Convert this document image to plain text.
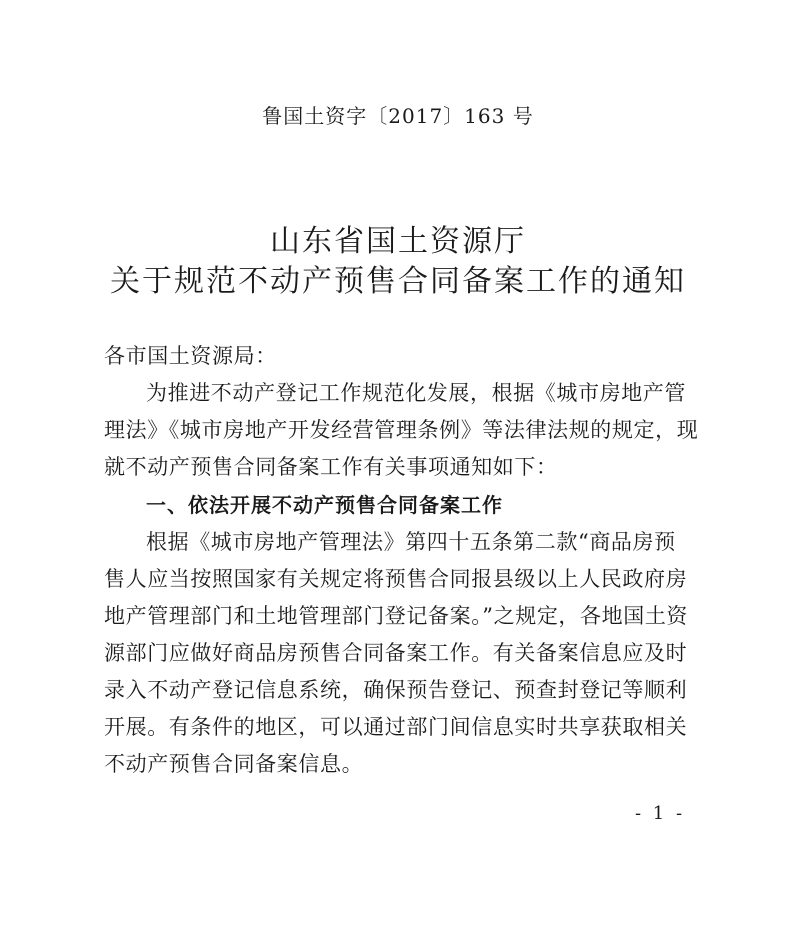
鲁国土资字〔2017〕163 号
山东省国土资源厅
关于规范不动产预售合同备案工作的通知
各市国土资源局：
为推进不动产登记工作规范化发展，根据《城市房地产管
理法》《城市房地产开发经营管理条例》等法律法规的规定，现
就不动产预售合同备案工作有关事项通知如下：
一、依法开展不动产预售合同备案工作
根据《城市房地产管理法》第四十五条第二款“商品房预
售人应当按照国家有关规定将预售合同报县级以上人民政府房
地产管理部门和土地管理部门登记备案。”之规定，各地国土资
源部门应做好商品房预售合同备案工作。有关备案信息应及时
录入不动产登记信息系统，确保预告登记、预查封登记等顺利
开展。有条件的地区，可以通过部门间信息实时共享获取相关
不动产预售合同备案信息。
- 1 -
